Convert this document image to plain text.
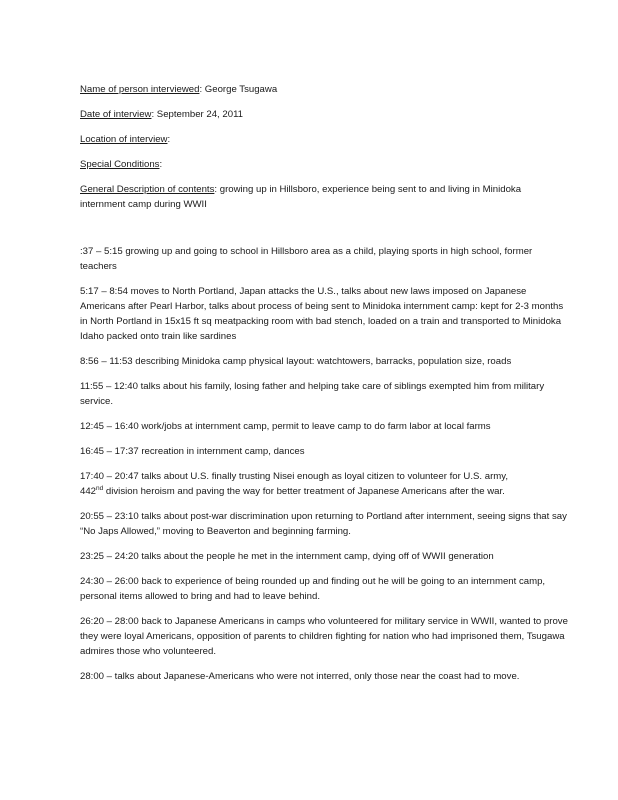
Name of person interviewed: George Tsugawa
Date of interview: September 24, 2011
Location of interview:
Special Conditions:
General Description of contents: growing up in Hillsboro, experience being sent to and living in Minidoka internment camp during WWII
:37 – 5:15 growing up and going to school in Hillsboro area as a child, playing sports in high school, former teachers
5:17 – 8:54 moves to North Portland, Japan attacks the U.S., talks about new laws imposed on Japanese Americans after Pearl Harbor, talks about process of being sent to Minidoka internment camp: kept for 2-3 months in North Portland in 15x15 ft sq meatpacking room with bad stench, loaded on a train and transported to Minidoka Idaho packed onto train like sardines
8:56 – 11:53 describing Minidoka camp physical layout: watchtowers, barracks, population size, roads
11:55 – 12:40 talks about his family, losing father and helping take care of siblings exempted him from military service.
12:45 – 16:40 work/jobs at internment camp, permit to leave camp to do farm labor at local farms
16:45 – 17:37 recreation in internment camp, dances
17:40 – 20:47 talks about U.S. finally trusting Nisei enough as loyal citizen to volunteer for U.S. army,
442nd division heroism and paving the way for better treatment of Japanese Americans after the war.
20:55 – 23:10 talks about post-war discrimination upon returning to Portland after internment, seeing signs that say “No Japs Allowed,” moving to Beaverton and beginning farming.
23:25 – 24:20 talks about the people he met in the internment camp, dying off of WWII generation
24:30 – 26:00 back to experience of being rounded up and finding out he will be going to an internment camp, personal items allowed to bring and had to leave behind.
26:20 – 28:00 back to Japanese Americans in camps who volunteered for military service in WWII, wanted to prove they were loyal Americans, opposition of parents to children fighting for nation who had imprisoned them, Tsugawa admires those who volunteered.
28:00 – talks about Japanese-Americans who were not interred, only those near the coast had to move.
